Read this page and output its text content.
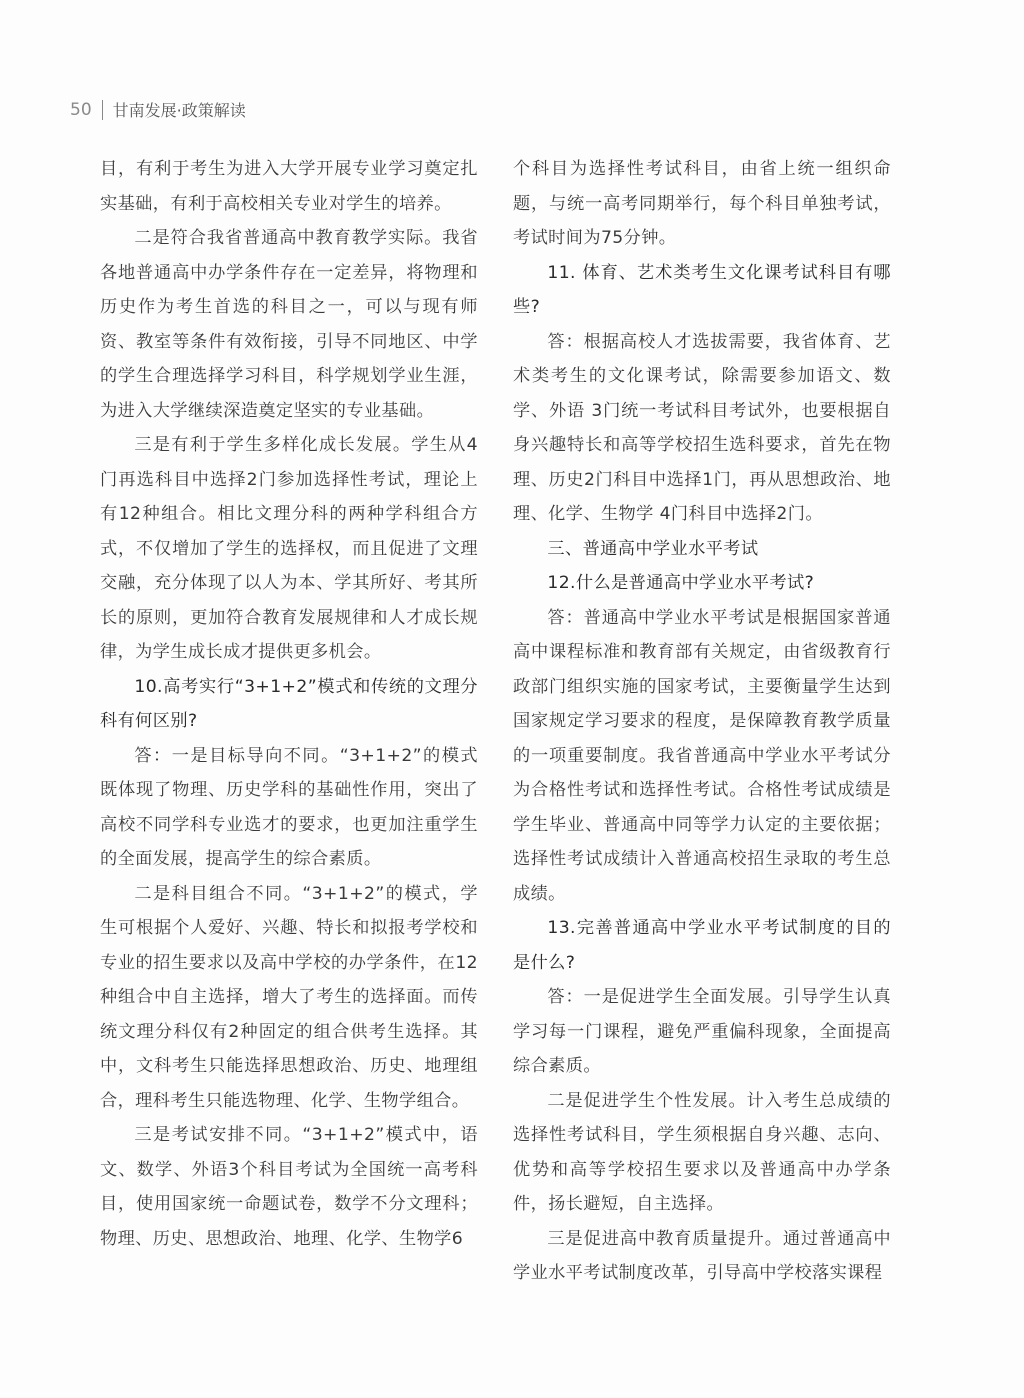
50 甘南发展·政策解读

目，有利于考生为进入大学开展专业学习奠定扎实基础，有利于高校相关专业对学生的培养。

二是符合我省普通高中教育教学实际。我省各地普通高中办学条件存在一定差异，将物理和历史作为考生首选的科目之一，可以与现有师资、教室等条件有效衔接，引导不同地区、中学的学生合理选择学习科目，科学规划学业生涯，为进入大学继续深造奠定坚实的专业基础。

三是有利于学生多样化成长发展。学生从4门再选科目中选择2门参加选择性考试，理论上有12种组合。相比文理分科的两种学科组合方式，不仅增加了学生的选择权，而且促进了文理交融，充分体现了以人为本、学其所好、考其所长的原则，更加符合教育发展规律和人才成长规律，为学生成长成才提供更多机会。

10.高考实行“3+1+2”模式和传统的文理分科有何区别?

答：一是目标导向不同。“3+1+2”的模式既体现了物理、历史学科的基础性作用，突出了高校不同学科专业选才的要求，也更加注重学生的全面发展，提高学生的综合素质。

二是科目组合不同。“3+1+2”的模式，学生可根据个人爱好、兴趣、特长和拟报考学校和专业的招生要求以及高中学校的办学条件，在12种组合中自主选择，增大了考生的选择面。而传统文理分科仅有2种固定的组合供考生选择。其中，文科考生只能选择思想政治、历史、地理组合，理科考生只能选物理、化学、生物学组合。

三是考试安排不同。“3+1+2”模式中，语文、数学、外语3个科目考试为全国统一高考科目，使用国家统一命题试卷，数学不分文理科；物理、历史、思想政治、地理、化学、生物学6

个科目为选择性考试科目，由省上统一组织命题，与统一高考同期举行，每个科目单独考试，考试时间为75分钟。

11. 体育、艺术类考生文化课考试科目有哪些?

答：根据高校人才选拔需要，我省体育、艺术类考生的文化课考试，除需要参加语文、数学、外语 3门统一考试科目考试外，也要根据自身兴趣特长和高等学校招生选科要求，首先在物理、历史2门科目中选择1门，再从思想政治、地理、化学、生物学 4门科目中选择2门。

三、普通高中学业水平考试

12.什么是普通高中学业水平考试?

答：普通高中学业水平考试是根据国家普通高中课程标准和教育部有关规定，由省级教育行政部门组织实施的国家考试，主要衡量学生达到国家规定学习要求的程度，是保障教育教学质量的一项重要制度。我省普通高中学业水平考试分为合格性考试和选择性考试。合格性考试成绩是学生毕业、普通高中同等学力认定的主要依据；选择性考试成绩计入普通高校招生录取的考生总成绩。

13.完善普通高中学业水平考试制度的目的是什么?

答：一是促进学生全面发展。引导学生认真学习每一门课程，避免严重偏科现象，全面提高综合素质。

二是促进学生个性发展。计入考生总成绩的选择性考试科目，学生须根据自身兴趣、志向、优势和高等学校招生要求以及普通高中办学条件，扬长避短，自主选择。

三是促进高中教育质量提升。通过普通高中学业水平考试制度改革，引导高中学校落实课程
